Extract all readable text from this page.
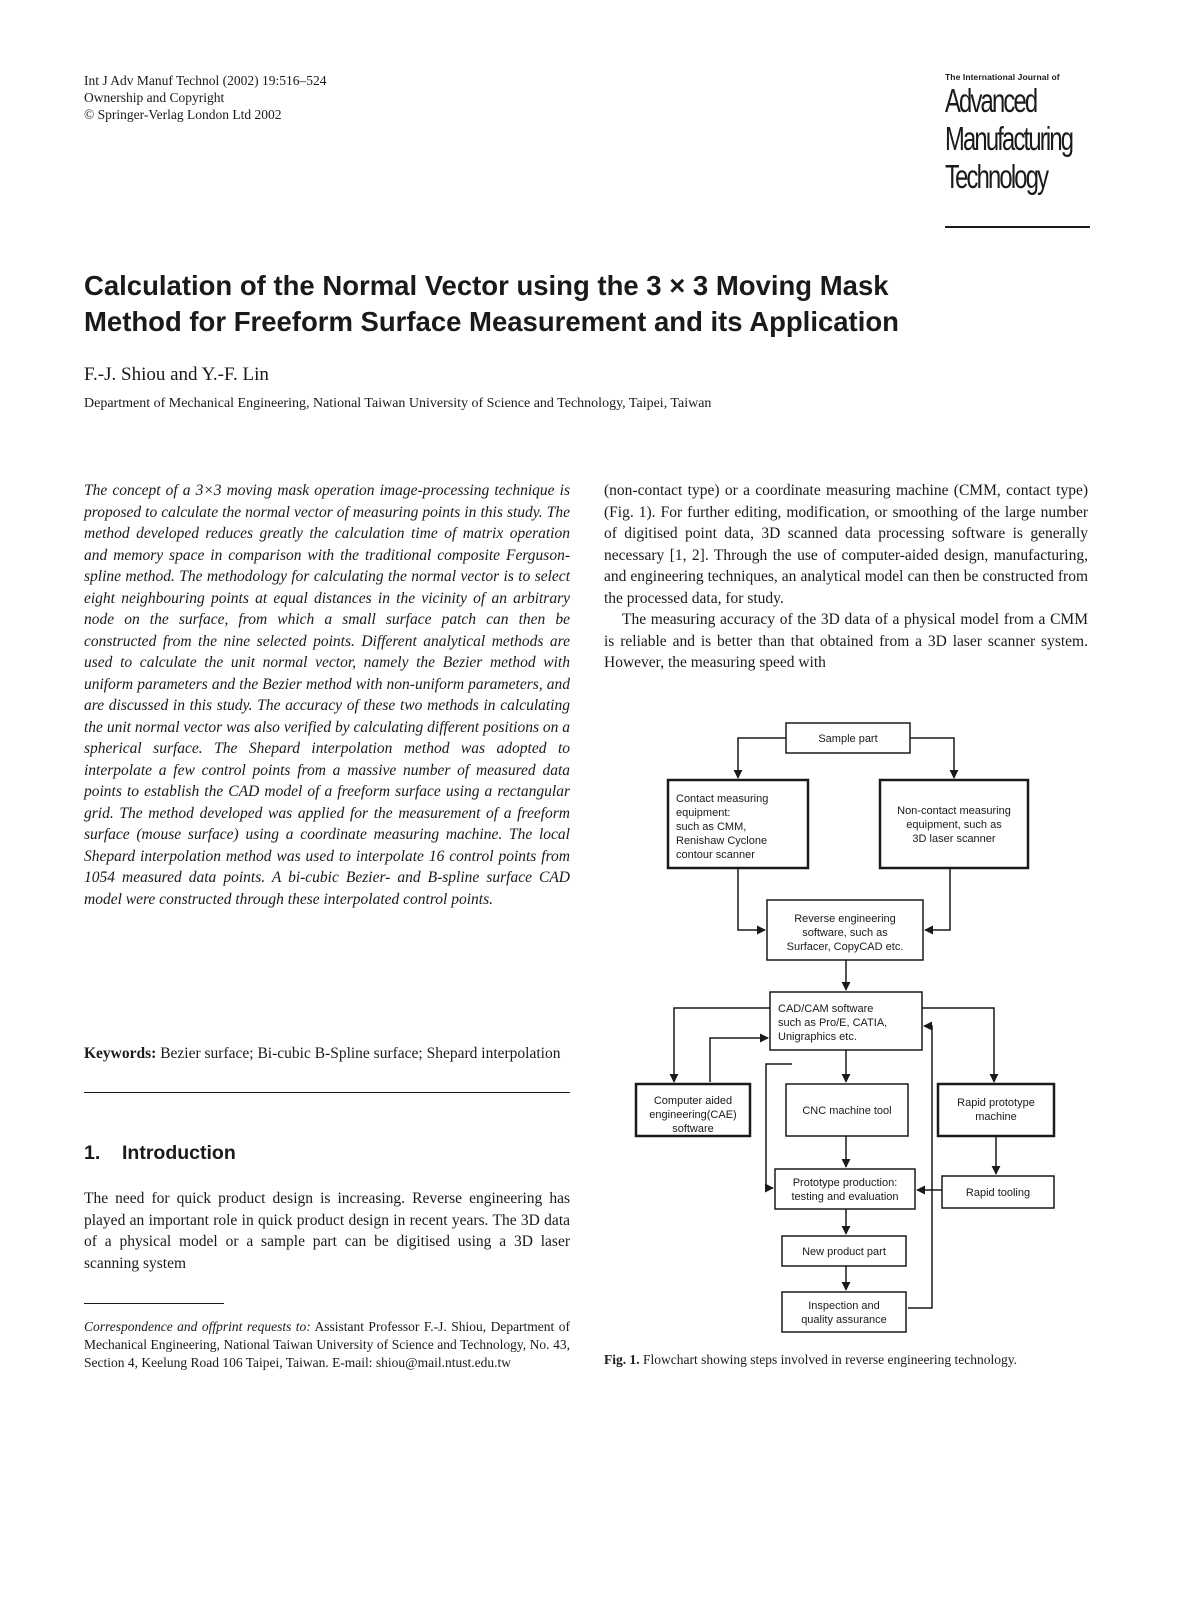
Int J Adv Manuf Technol (2002) 19:516–524
Ownership and Copyright
© Springer-Verlag London Ltd 2002
The International Journal of
Advanced
Manufacturing
Technology
Calculation of the Normal Vector using the 3 × 3 Moving Mask
Method for Freeform Surface Measurement and its Application
F.-J. Shiou and Y.-F. Lin
Department of Mechanical Engineering, National Taiwan University of Science and Technology, Taipei, Taiwan
The concept of a 3×3 moving mask operation image-processing technique is proposed to calculate the normal vector of measuring points in this study. The method developed reduces greatly the calculation time of matrix operation and memory space in comparison with the traditional composite Ferguson-spline method. The methodology for calculating the normal vector is to select eight neighbouring points at equal distances in the vicinity of an arbitrary node on the surface, from which a small surface patch can then be constructed from the nine selected points. Different analytical methods are used to calculate the unit normal vector, namely the Bezier method with uniform parameters and the Bezier method with non-uniform parameters, and are discussed in this study. The accuracy of these two methods in calculating the unit normal vector was also verified by calculating different positions on a spherical surface. The Shepard interpolation method was adopted to interpolate a few control points from a massive number of measured data points to establish the CAD model of a freeform surface using a rectangular grid. The method developed was applied for the measurement of a freeform surface (mouse surface) using a coordinate measuring machine. The local Shepard interpolation method was used to interpolate 16 control points from 1054 measured data points. A bi-cubic Bezier- and B-spline surface CAD model were constructed through these interpolated control points.
Keywords: Bezier surface; Bi-cubic B-Spline surface; Shepard interpolation
1. Introduction
The need for quick product design is increasing. Reverse engineering has played an important role in quick product design in recent years. The 3D data of a physical model or a sample part can be digitised using a 3D laser scanning system
Correspondence and offprint requests to: Assistant Professor F.-J. Shiou, Department of Mechanical Engineering, National Taiwan University of Science and Technology, No. 43, Section 4, Keelung Road 106 Taipei, Taiwan. E-mail: shiou@mail.ntust.edu.tw

(non-contact type) or a coordinate measuring machine (CMM, contact type) (Fig. 1). For further editing, modification, or smoothing of the large number of digitised point data, 3D scanned data processing software is generally necessary [1, 2]. Through the use of computer-aided design, manufacturing, and engineering techniques, an analytical model can then be constructed from the processed data, for study.

The measuring accuracy of the 3D data of a physical model from a CMM is reliable and is better than that obtained from a 3D laser scanner system. However, the measuring speed with

Sample part
Contact measuring
equipment:
such as CMM,
Renishaw Cyclone
contour scanner
Non-contact measuring
equipment, such as
3D laser scanner
Reverse engineering
software, such as
Surfacer, CopyCAD etc.
CAD/CAM software
such as Pro/E, CATIA,
Unigraphics etc.
Computer aided
engineering(CAE)
software
CNC machine tool
Rapid prototype
machine
Prototype production:
testing and evaluation	Rapid tooling
New product part
Inspection and
quality assurance
Fig. 1. Flowchart showing steps involved in reverse engineering technology.
